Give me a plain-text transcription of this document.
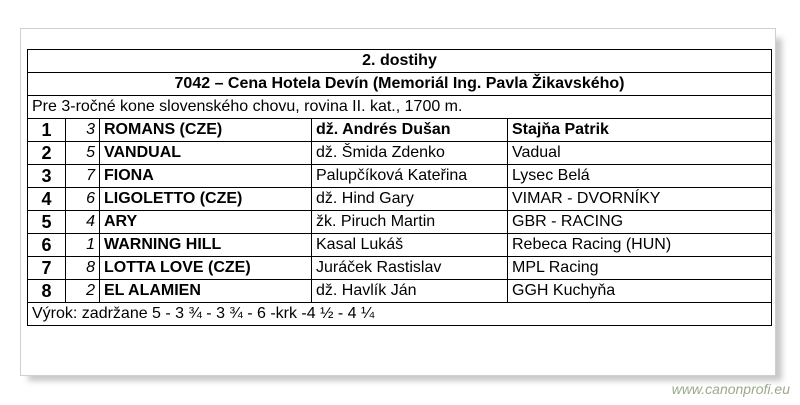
2. dostihy				
7042 – Cena Hotela Devín (Memoriál Ing. Pavla Žikavského)				
Pre 3-ročné kone slovenského chovu, rovina II. kat., 1700 m.				
1	3	ROMANS (CZE)	dž. Andrés Dušan	Stajňa Patrik
2	5	VANDUAL	dž. Šmida Zdenko	Vadual
3	7	FIONA	Palupčíková Kateřina	Lysec Belá
4	6	LIGOLETTO (CZE)	dž. Hind Gary	VIMAR - DVORNÍKY
5	4	ARY	žk. Piruch Martin	GBR - RACING
6	1	WARNING HILL	Kasal Lukáš	Rebeca Racing (HUN)
7	8	LOTTA LOVE (CZE)	Juráček Rastislav	MPL Racing
8	2	EL ALAMIEN	dž. Havlík Ján	GGH Kuchyňa
Výrok: zadržane 5 - 3 ¾ - 3 ¾ - 6 -krk -4 ½ - 4 ¼				
www.canonprofi.eu
